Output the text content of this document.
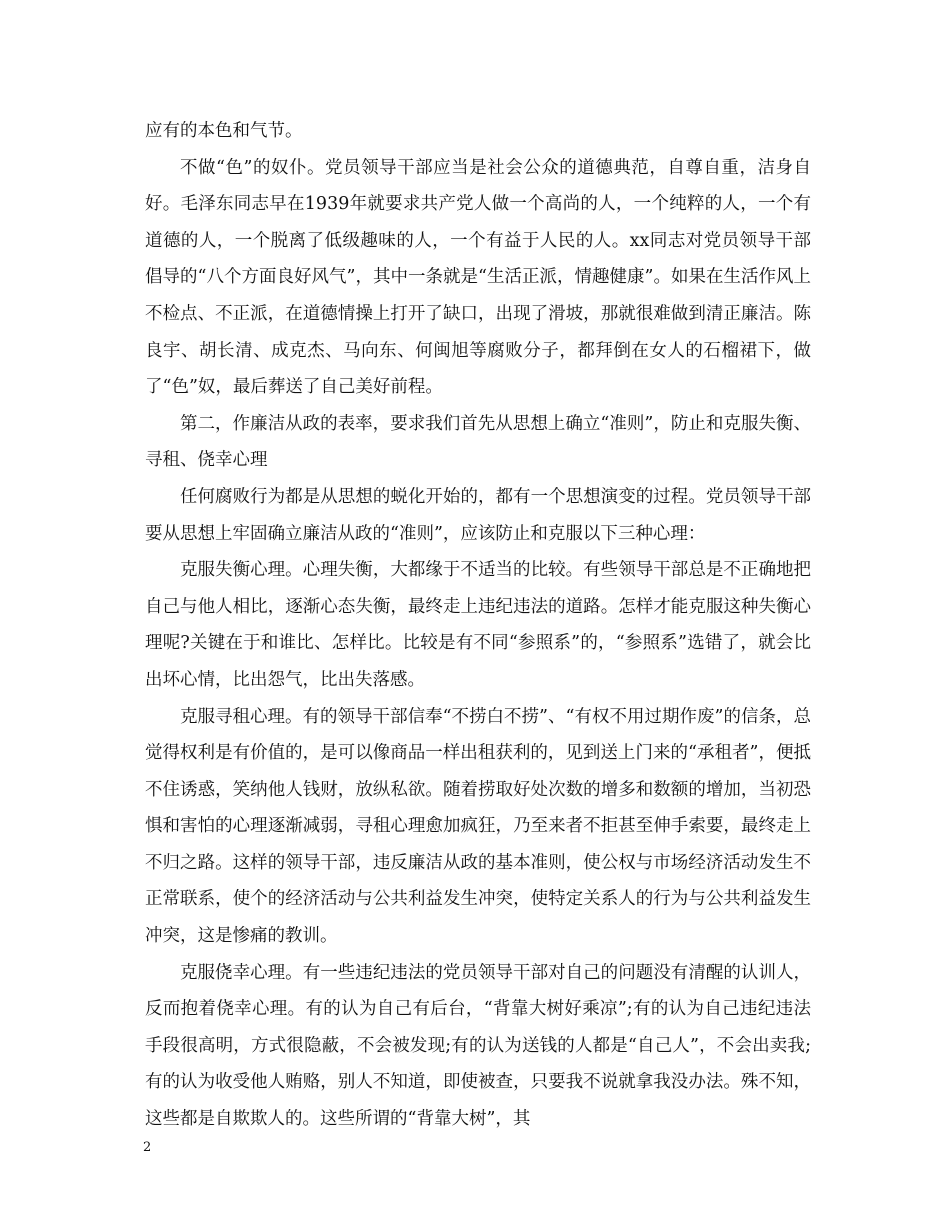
应有的本色和气节。

不做“色”的奴仆。党员领导干部应当是社会公众的道德典范，自尊自重，洁身自好。毛泽东同志早在1939年就要求共产党人做一个高尚的人，一个纯粹的人，一个有道德的人，一个脱离了低级趣味的人，一个有益于人民的人。xx同志对党员领导干部倡导的“八个方面良好风气”，其中一条就是“生活正派，情趣健康”。如果在生活作风上不检点、不正派，在道德情操上打开了缺口，出现了滑坡，那就很难做到清正廉洁。陈良宇、胡长清、成克杰、马向东、何闽旭等腐败分子，都拜倒在女人的石榴裙下，做了“色”奴，最后葬送了自己美好前程。

第二，作廉洁从政的表率，要求我们首先从思想上确立“准则”，防止和克服失衡、寻租、侥幸心理

任何腐败行为都是从思想的蜕化开始的，都有一个思想演变的过程。党员领导干部要从思想上牢固确立廉洁从政的“准则”，应该防止和克服以下三种心理：

克服失衡心理。心理失衡，大都缘于不适当的比较。有些领导干部总是不正确地把自己与他人相比，逐渐心态失衡，最终走上违纪违法的道路。怎样才能克服这种失衡心理呢?关键在于和谁比、怎样比。比较是有不同“参照系”的，“参照系”选错了，就会比出坏心情，比出怨气，比出失落感。

克服寻租心理。有的领导干部信奉“不捞白不捞”、“有权不用过期作废”的信条，总觉得权利是有价值的，是可以像商品一样出租获利的，见到送上门来的“承租者”，便抵不住诱惑，笑纳他人钱财，放纵私欲。随着捞取好处次数的增多和数额的增加，当初恐惧和害怕的心理逐渐减弱，寻租心理愈加疯狂，乃至来者不拒甚至伸手索要，最终走上不归之路。这样的领导干部，违反廉洁从政的基本准则，使公权与市场经济活动发生不正常联系，使个的经济活动与公共利益发生冲突，使特定关系人的行为与公共利益发生冲突，这是惨痛的教训。

克服侥幸心理。有一些违纪违法的党员领导干部对自己的问题没有清醒的认训人，反而抱着侥幸心理。有的认为自己有后台，“背靠大树好乘凉”;有的认为自己违纪违法手段很高明，方式很隐蔽，不会被发现;有的认为送钱的人都是“自己人”，不会出卖我;有的认为收受他人贿赂，别人不知道，即使被查，只要我不说就拿我没办法。殊不知，这些都是自欺欺人的。这些所谓的“背靠大树”，其

2
